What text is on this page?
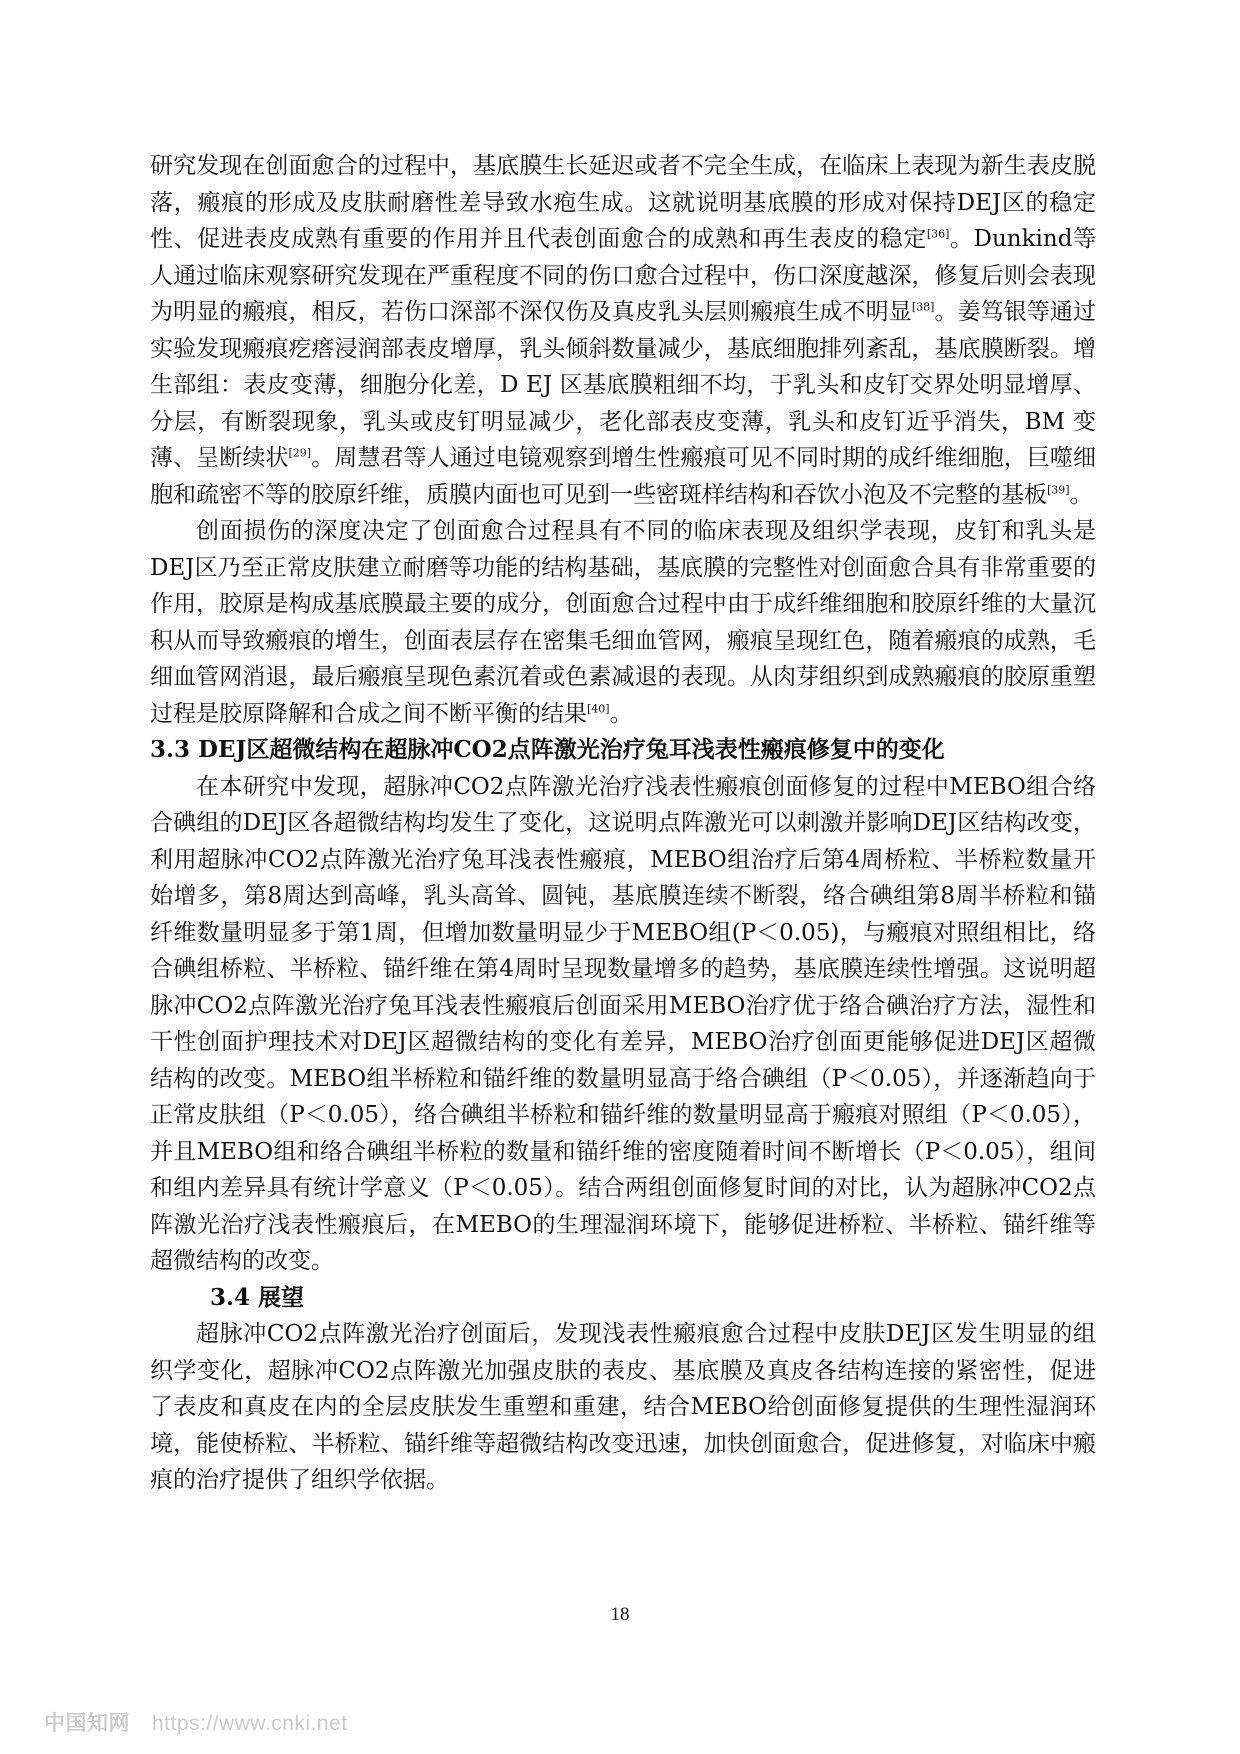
研究发现在创面愈合的过程中，基底膜生长延迟或者不完全生成，在临床上表现为新生表皮脱落，瘢痕的形成及皮肤耐磨性差导致水疱生成。这就说明基底膜的形成对保持DEJ区的稳定性、促进表皮成熟有重要的作用并且代表创面愈合的成熟和再生表皮的稳定[36]。Dunkind等人通过临床观察研究发现在严重程度不同的伤口愈合过程中，伤口深度越深，修复后则会表现为明显的瘢痕，相反，若伤口深部不深仅伤及真皮乳头层则瘢痕生成不明显[38]。姜笃银等通过实验发现瘢痕疙瘩浸润部表皮增厚，乳头倾斜数量减少，基底细胞排列紊乱，基底膜断裂。增生部组：表皮变薄，细胞分化差，D EJ 区基底膜粗细不均，于乳头和皮钉交界处明显增厚、分层，有断裂现象，乳头或皮钉明显减少，老化部表皮变薄，乳头和皮钉近乎消失，BM 变薄、呈断续状[29]。周慧君等人通过电镜观察到增生性瘢痕可见不同时期的成纤维细胞，巨噬细胞和疏密不等的胶原纤维，质膜内面也可见到一些密斑样结构和吞饮小泡及不完整的基板[39]。

创面损伤的深度决定了创面愈合过程具有不同的临床表现及组织学表现，皮钉和乳头是DEJ区乃至正常皮肤建立耐磨等功能的结构基础，基底膜的完整性对创面愈合具有非常重要的作用，胶原是构成基底膜最主要的成分，创面愈合过程中由于成纤维细胞和胶原纤维的大量沉积从而导致瘢痕的增生，创面表层存在密集毛细血管网，瘢痕呈现红色，随着瘢痕的成熟，毛细血管网消退，最后瘢痕呈现色素沉着或色素减退的表现。从肉芽组织到成熟瘢痕的胶原重塑过程是胶原降解和合成之间不断平衡的结果[40]。

3.3 DEJ区超微结构在超脉冲CO2点阵激光治疗兔耳浅表性瘢痕修复中的变化

在本研究中发现，超脉冲CO2点阵激光治疗浅表性瘢痕创面修复的过程中MEBO组合络合碘组的DEJ区各超微结构均发生了变化，这说明点阵激光可以刺激并影响DEJ区结构改变，利用超脉冲CO2点阵激光治疗兔耳浅表性瘢痕，MEBO组治疗后第4周桥粒、半桥粒数量开始增多，第8周达到高峰，乳头高耸、圆钝，基底膜连续不断裂，络合碘组第8周半桥粒和锚纤维数量明显多于第1周，但增加数量明显少于MEBO组(P＜0.05)，与瘢痕对照组相比，络合碘组桥粒、半桥粒、锚纤维在第4周时呈现数量增多的趋势，基底膜连续性增强。这说明超脉冲CO2点阵激光治疗兔耳浅表性瘢痕后创面采用MEBO治疗优于络合碘治疗方法，湿性和干性创面护理技术对DEJ区超微结构的变化有差异，MEBO治疗创面更能够促进DEJ区超微结构的改变。MEBO组半桥粒和锚纤维的数量明显高于络合碘组（P＜0.05），并逐渐趋向于正常皮肤组（P＜0.05），络合碘组半桥粒和锚纤维的数量明显高于瘢痕对照组（P＜0.05），并且MEBO组和络合碘组半桥粒的数量和锚纤维的密度随着时间不断增长（P＜0.05），组间和组内差异具有统计学意义（P＜0.05）。结合两组创面修复时间的对比，认为超脉冲CO2点阵激光治疗浅表性瘢痕后，在MEBO的生理湿润环境下，能够促进桥粒、半桥粒、锚纤维等超微结构的改变。

3.4 展望

超脉冲CO2点阵激光治疗创面后，发现浅表性瘢痕愈合过程中皮肤DEJ区发生明显的组织学变化，超脉冲CO2点阵激光加强皮肤的表皮、基底膜及真皮各结构连接的紧密性，促进了表皮和真皮在内的全层皮肤发生重塑和重建，结合MEBO给创面修复提供的生理性湿润环境，能使桥粒、半桥粒、锚纤维等超微结构改变迅速，加快创面愈合，促进修复，对临床中瘢痕的治疗提供了组织学依据。

18
中国知网 https://www.cnki.net
